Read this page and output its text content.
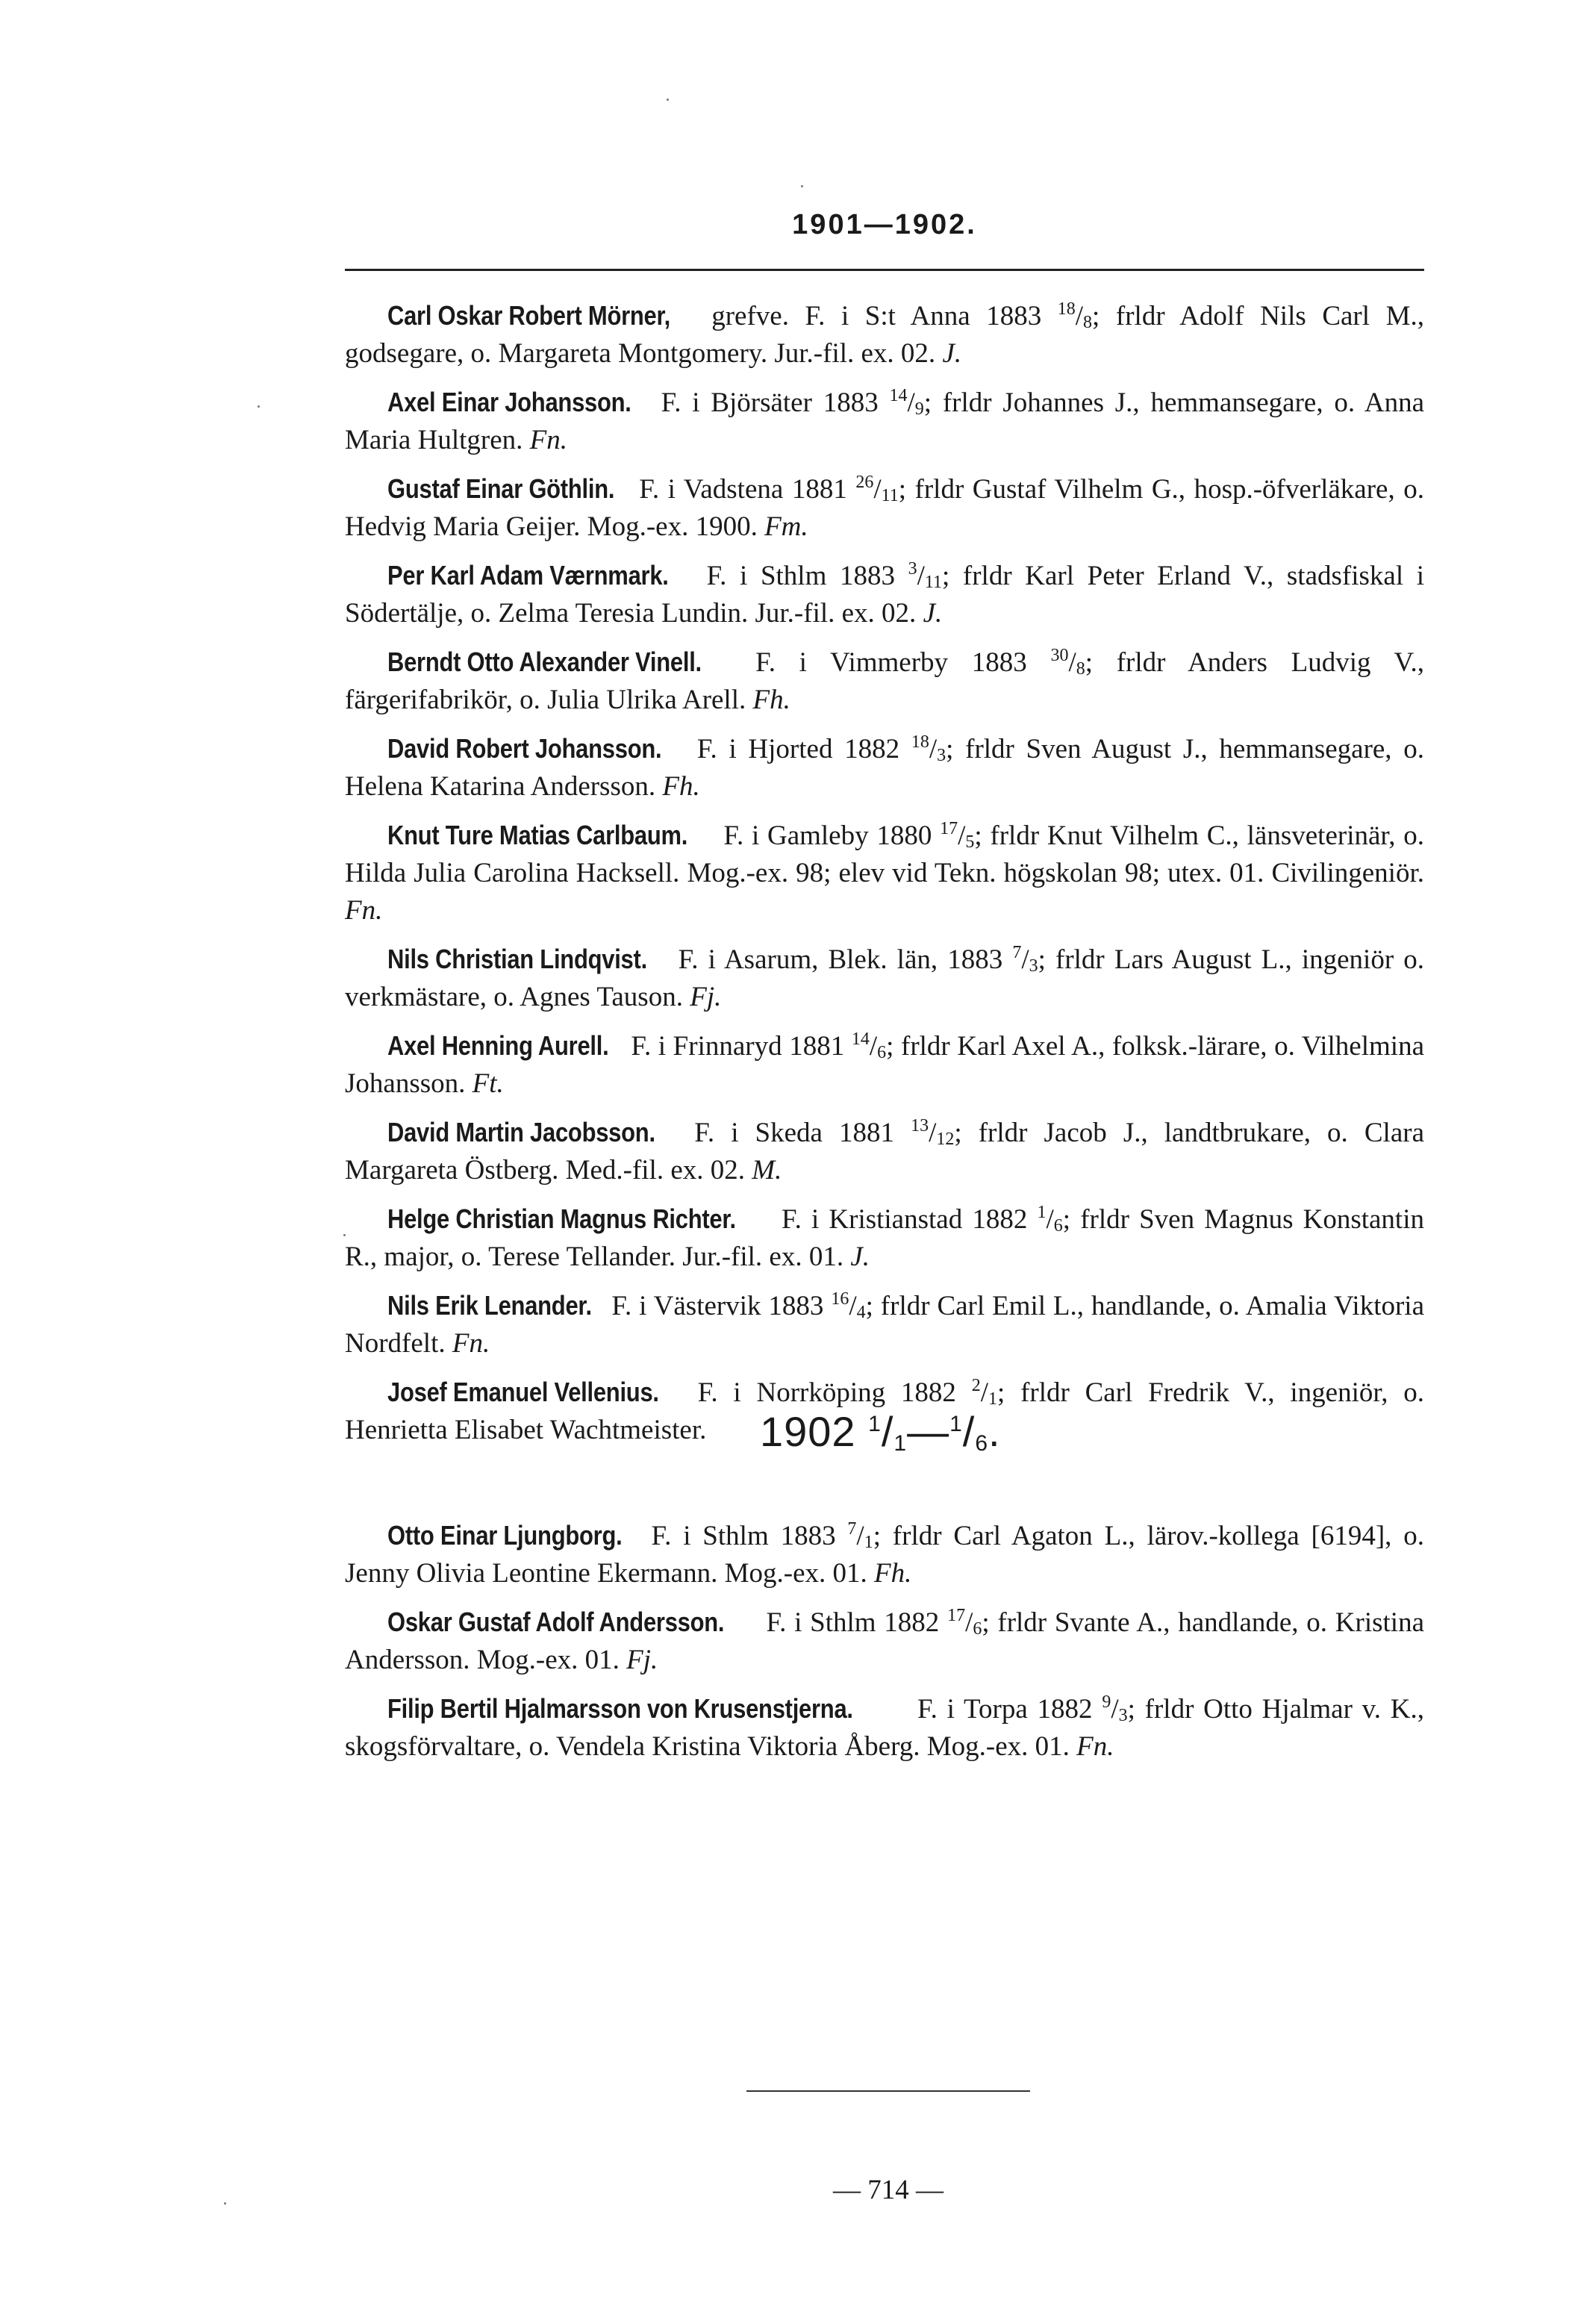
1901—1902.

Carl Oskar Robert Mörner, grefve. F. i S:t Anna 1883 $^{18}$/8; frldr Adolf Nils Carl M., godsegare, o. Margareta Montgomery. Jur.-fil. ex. 02. J.

Axel Einar Johansson. F. i Björsäter 1883 $^{14}$/9; frldr Johannes J., hemmansegare, o. Anna Maria Hultgren. Fn.

Gustaf Einar Göthlin. F. i Vadstena 1881 $^{26}$/11; frldr Gustaf Vilhelm G., hosp.-öfverläkare, o. Hedvig Maria Geijer. Mog.-ex. 1900. Fm.

Per Karl Adam Værnmark. F. i Sthlm 1883 $^3$/11; frldr Karl Peter Erland V., stadsfiskal i Södertälje, o. Zelma Teresia Lundin. Jur.-fil. ex. 02. J.

Berndt Otto Alexander Vinell. F. i Vimmerby 1883 $^{30}$/8; frldr Anders Ludvig V., färgerifabrikör, o. Julia Ulrika Arell. Fh.

David Robert Johansson. F. i Hjorted 1882 $^{18}$/3; frldr Sven August J., hemmansegare, o. Helena Katarina Andersson. Fh.

Knut Ture Matias Carlbaum. F. i Gamleby 1880 $^{17}$/5; frldr Knut Vilhelm C., länsveterinär, o. Hilda Julia Carolina Hacksell. Mog.-ex. 98; elev vid Tekn. högskolan 98; utex. 01. Civilingeniör. Fn.

Nils Christian Lindqvist. F. i Asarum, Blek. län, 1883 $^7$/3; frldr Lars August L., ingeniör o. verkmästare, o. Agnes Tauson. Fj.

Axel Henning Aurell. F. i Frinnaryd 1881 $^{14}$/6; frldr Karl Axel A., folksk.-lärare, o. Vilhelmina Johansson. Ft.

David Martin Jacobsson. F. i Skeda 1881 $^{13}$/12; frldr Jacob J., landtbrukare, o. Clara Margareta Östberg. Med.-fil. ex. 02. M.

Helge Christian Magnus Richter. F. i Kristianstad 1882 $^1$/6; frldr Sven Magnus Konstantin R., major, o. Terese Tellander. Jur.-fil. ex. 01. J.

Nils Erik Lenander. F. i Västervik 1883 $^{16}$/4; frldr Carl Emil L., handlande, o. Amalia Viktoria Nordfelt. Fn.

Josef Emanuel Vellenius. F. i Norrköping 1882 $^2$/1; frldr Carl Fredrik V., ingeniör, o. Henrietta Elisabet Wachtmeister.	1902 $^1/_1—^1/_6$.

Otto Einar Ljungborg. F. i Sthlm 1883 $^7$/1; frldr Carl Agaton L., lärov.-kollega [6194], o. Jenny Olivia Leontine Ekermann. Mog.-ex. 01. Fh.

Oskar Gustaf Adolf Andersson. F. i Sthlm 1882 $^{17}$/6; frldr Svante A., handlande, o. Kristina Andersson. Mog.-ex. 01. Fj.

Filip Bertil Hjalmarsson von Krusenstjerna. F. i Torpa 1882 $^9$/3; frldr Otto Hjalmar v. K., skogsförvaltare, o. Vendela Kristina Viktoria Åberg. Mog.-ex. 01. Fn.

— 714 —
